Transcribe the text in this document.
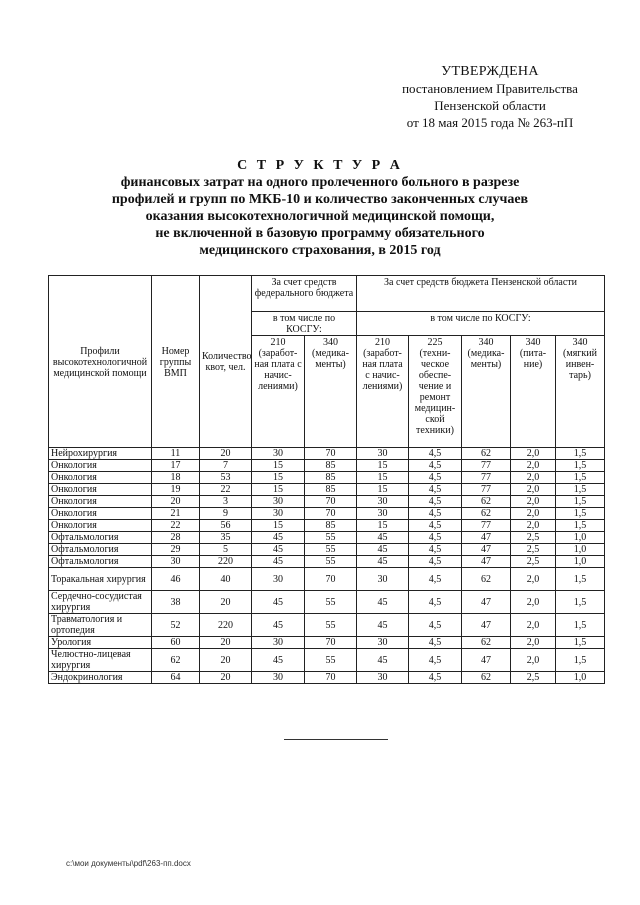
УТВЕРЖДЕНА
постановлением Правительства
Пензенской области
от 18 мая 2015 года № 263-пП
С Т Р У К Т У Р А
финансовых затрат на одного пролеченного больного в разрезе
профилей и групп по МКБ-10 и количество законченных случаев
оказания высокотехнологичной медицинской помощи,
не включенной в базовую программу обязательного
медицинского страхования, в 2015 год
Профили высокотехнологичной медицинской помощи	Номер группы ВМП	Количество квот, чел.	За счет средств федерального бюджета		За счет средств бюджета Пензенской области				
			в том числе по КОСГУ:		в том числе по КОСГУ:				
			210 (заработ-ная плата с начис-лениями)	340 (медика-менты)	210 (заработ-ная плата с начис-лениями)	225 (техни-ческое обеспе-чение и ремонт медицин-ской техники)	340 (медика-менты)	340 (пита-ние)	340 (мягкий инвен-тарь)
Нейрохирургия	11	20	30	70	30	4,5	62	2,0	1,5
Онкология	17	7	15	85	15	4,5	77	2,0	1,5
Онкология	18	53	15	85	15	4,5	77	2,0	1,5
Онкология	19	22	15	85	15	4,5	77	2,0	1,5
Онкология	20	3	30	70	30	4,5	62	2,0	1,5
Онкология	21	9	30	70	30	4,5	62	2,0	1,5
Онкология	22	56	15	85	15	4,5	77	2,0	1,5
Офтальмология	28	35	45	55	45	4,5	47	2,5	1,0
Офтальмология	29	5	45	55	45	4,5	47	2,5	1,0
Офтальмология	30	220	45	55	45	4,5	47	2,5	1,0
Торакальная хирургия	46	40	30	70	30	4,5	62	2,0	1,5
Сердечно-сосудистая хирургия	38	20	45	55	45	4,5	47	2,0	1,5
Травматология и ортопедия	52	220	45	55	45	4,5	47	2,0	1,5
Урология	60	20	30	70	30	4,5	62	2,0	1,5
Челюстно-лицевая хирургия	62	20	45	55	45	4,5	47	2,0	1,5
Эндокринология	64	20	30	70	30	4,5	62	2,5	1,0
c:\мои документы\pdf\263-пп.docx
